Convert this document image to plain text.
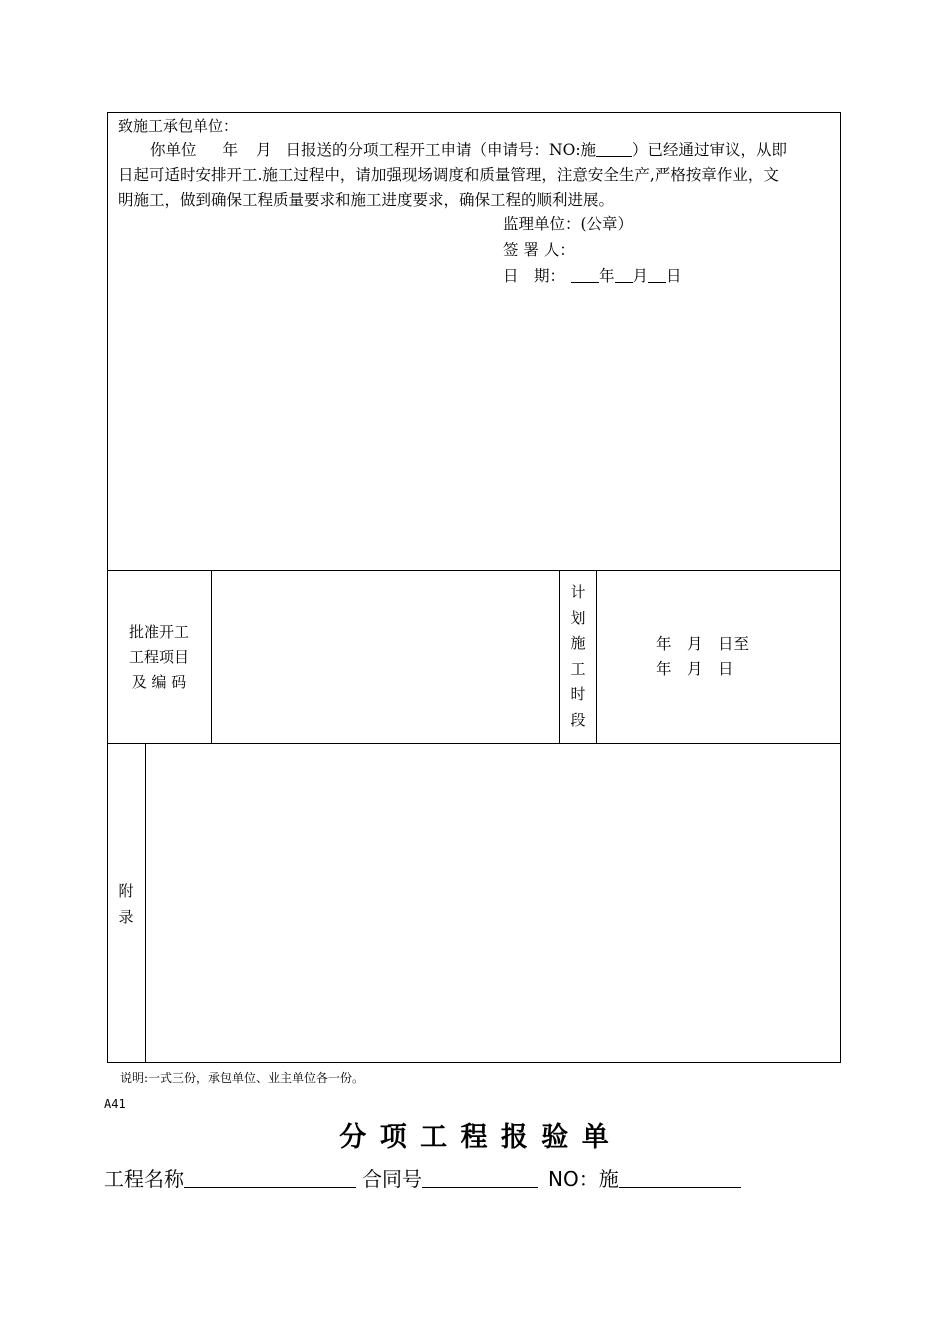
致施工承包单位：
你单位 年 月 日报送的分项工程开工申请（申请号：NO:施 ）已经通过审议，从即
日起可适时安排开工.施工过程中，请加强现场调度和质量管理，注意安全生产,严格按章作业，文
明施工，做到确保工程质量要求和施工进度要求，确保工程的顺利进展。
监理单位：(公章）
签 署 人：
日　期： 年 月 日
批准开工
工程项目
及 编 码
计
划
施
工
时
段
年　月　日至
年　月　日
附
录
说明:一式三份，承包单位、业主单位各一份。
A41
分 项 工 程 报 验 单
工程名称	合同号	NO：施
